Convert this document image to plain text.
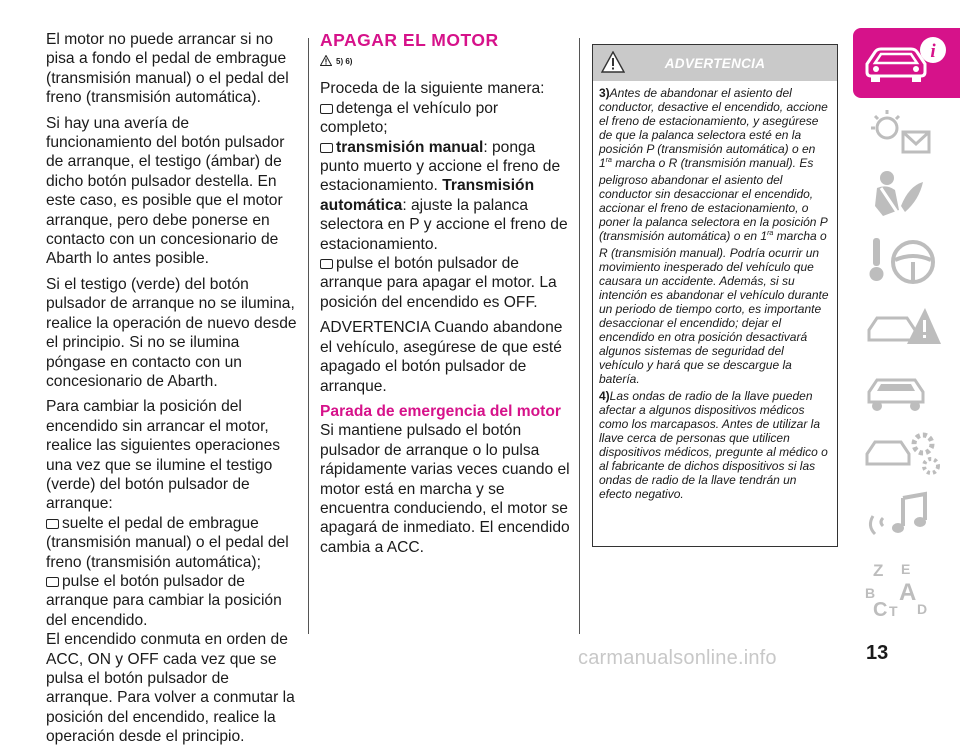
El motor no puede arrancar si no pisa a fondo el pedal de embrague (transmisión manual) o el pedal del freno (transmisión automática).

Si hay una avería de funcionamiento del botón pulsador de arranque, el testigo (ámbar) de dicho botón pulsador destella. En este caso, es posible que el motor arranque, pero debe ponerse en contacto con un concesionario de Abarth lo antes posible.

Si el testigo (verde) del botón pulsador de arranque no se ilumina, realice la operación de nuevo desde el principio. Si no se ilumina póngase en contacto con un concesionario de Abarth.

Para cambiar la posición del encendido sin arrancar el motor, realice las siguientes operaciones una vez que se ilumine el testigo (verde) del botón pulsador de arranque:

suelte el pedal de embrague (transmisión manual) o el pedal del freno (transmisión automática);
pulse el botón pulsador de arranque para cambiar la posición del encendido.

El encendido conmuta en orden de ACC, ON y OFF cada vez que se pulsa el botón pulsador de arranque. Para volver a conmutar la posición del encendido, realice la operación desde el principio.

APAGAR EL MOTOR
5) 6)

Proceda de la siguiente manera:

detenga el vehículo por completo;
transmisión manual: ponga punto muerto y accione el freno de estacionamiento. Transmisión automática: ajuste la palanca selectora en P y accione el freno de estacionamiento.
pulse el botón pulsador de arranque para apagar el motor. La posición del encendido es OFF.

ADVERTENCIA Cuando abandone el vehículo, asegúrese de que esté apagado el botón pulsador de arranque.

Parada de emergencia del motor

Si mantiene pulsado el botón pulsador de arranque o lo pulsa rápidamente varias veces cuando el motor está en marcha y se encuentra conduciendo, el motor se apagará de inmediato. El encendido cambia a ACC.

ADVERTENCIA

3)Antes de abandonar el asiento del conductor, desactive el encendido, accione el freno de estacionamiento, y asegúrese de que la palanca selectora esté en la posición P (transmisión automática) o en $1^{ra}$ marcha o R (transmisión manual). Es peligroso abandonar el asiento del conductor sin desaccionar el encendido, accionar el freno de estacionamiento, o poner la palanca selectora en la posición P (transmisión automática) o en $1^{ra}$ marcha o R (transmisión manual). Podría ocurrir un movimiento inesperado del vehículo que causara un accidente. Además, si su intención es abandonar el vehículo durante un periodo de tiempo corto, es importante desaccionar el encendido; dejar el encendido en otra posición desactivará algunos sistemas de seguridad del vehículo y hará que se descargue la batería.

4)Las ondas de radio de la llave pueden afectar a algunos dispositivos médicos como los marcapasos. Antes de utilizar la llave cerca de personas que utilicen dispositivos médicos, pregunte al médico o al fabricante de dichos dispositivos si las ondas de radio de la llave tendrán un efecto negativo.

i
Z E
B A
C T D
13
carmanualsonline.info
